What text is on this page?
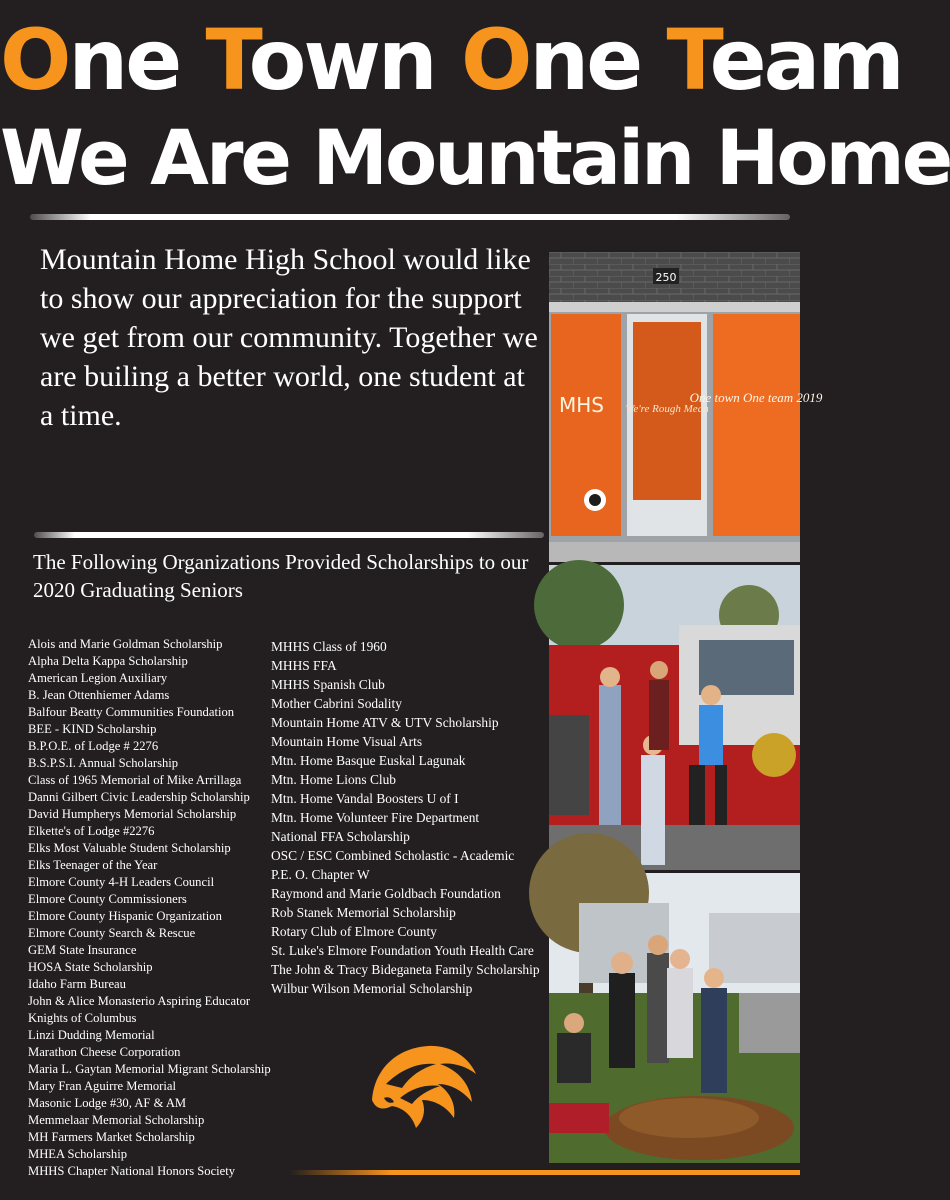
One Town One Team
We Are Mountain Home

Mountain Home High School would like to show our appreciation for the support we get from our community. Together we are builing a better world, one student at a time.

The Following Organizations Provided Scholarships to our 2020 Graduating Seniors

Alois and Marie Goldman Scholarship
Alpha Delta Kappa Scholarship
American Legion Auxiliary
B. Jean Ottenhiemer Adams
Balfour Beatty Communities Foundation
BEE - KIND Scholarship
B.P.O.E. of Lodge # 2276
B.S.P.S.I. Annual Scholarship
Class of 1965 Memorial of Mike Arrillaga
Danni Gilbert Civic Leadership Scholarship
David Humpherys Memorial Scholarship
Elkette's of Lodge #2276
Elks Most Valuable Student Scholarship
Elks Teenager of the Year
Elmore County 4-H Leaders Council
Elmore County Commissioners
Elmore County Hispanic Organization
Elmore County Search & Rescue
GEM State Insurance
HOSA State Scholarship
Idaho Farm Bureau
John & Alice Monasterio Aspiring Educator
Knights of Columbus
Linzi Dudding Memorial
Marathon Cheese Corporation
Maria L. Gaytan Memorial Migrant Scholarship
Mary Fran Aguirre Memorial
Masonic Lodge #30, AF & AM
Memmelaar Memorial Scholarship
MH Farmers Market Scholarship
MHEA Scholarship
MHHS Chapter National Honors Society
MHHS Class of 1960
MHHS FFA
MHHS Spanish Club
Mother Cabrini Sodality
Mountain Home ATV & UTV Scholarship
Mountain Home Visual Arts
Mtn. Home Basque Euskal Lagunak
Mtn. Home Lions Club
Mtn. Home Vandal Boosters U of I
Mtn. Home Volunteer Fire Department
National FFA Scholarship
OSC / ESC Combined Scholastic - Academic
P.E. O. Chapter W
Raymond and Marie Goldbach Foundation
Rob Stanek Memorial Scholarship
Rotary Club of Elmore County
St. Luke's Elmore Foundation Youth Health Care
The John & Tracy Bideganeta Family Scholarship
Wilbur Wilson Memorial Scholarship
250
MHS We're Rough Mean
One town One team 2019
